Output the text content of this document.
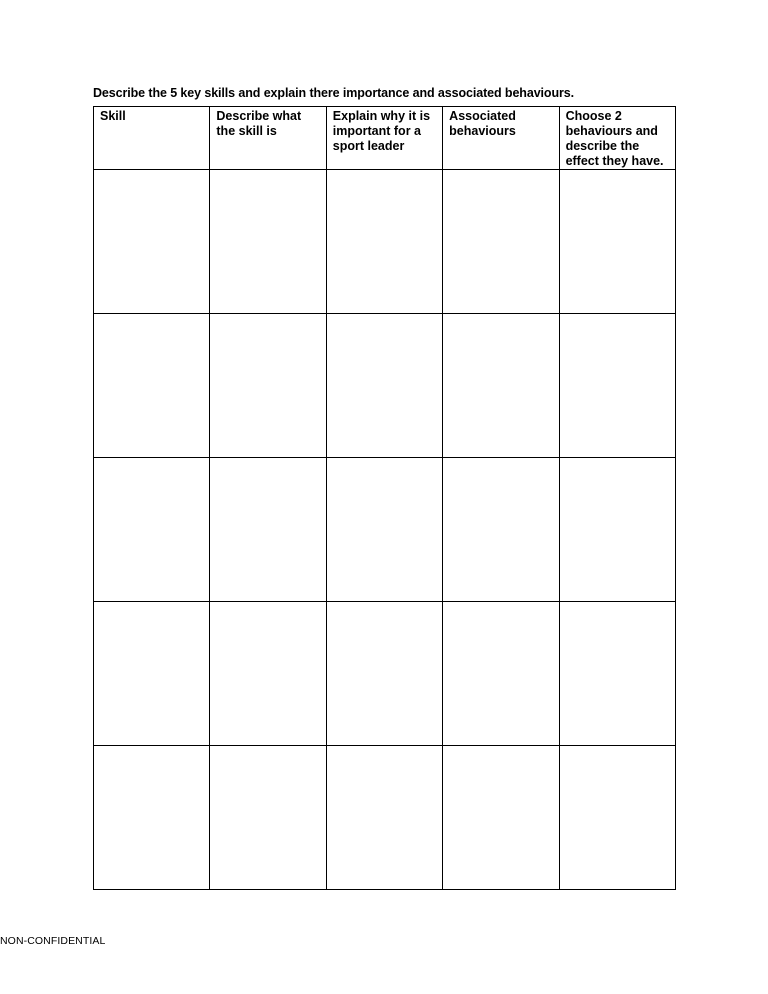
Describe the 5 key skills and explain there importance and associated behaviours.
Skill	Describe what the skill is	Explain why it is important for a sport leader	Associated behaviours	Choose 2 behaviours and describe the effect they have.

NON-CONFIDENTIAL
